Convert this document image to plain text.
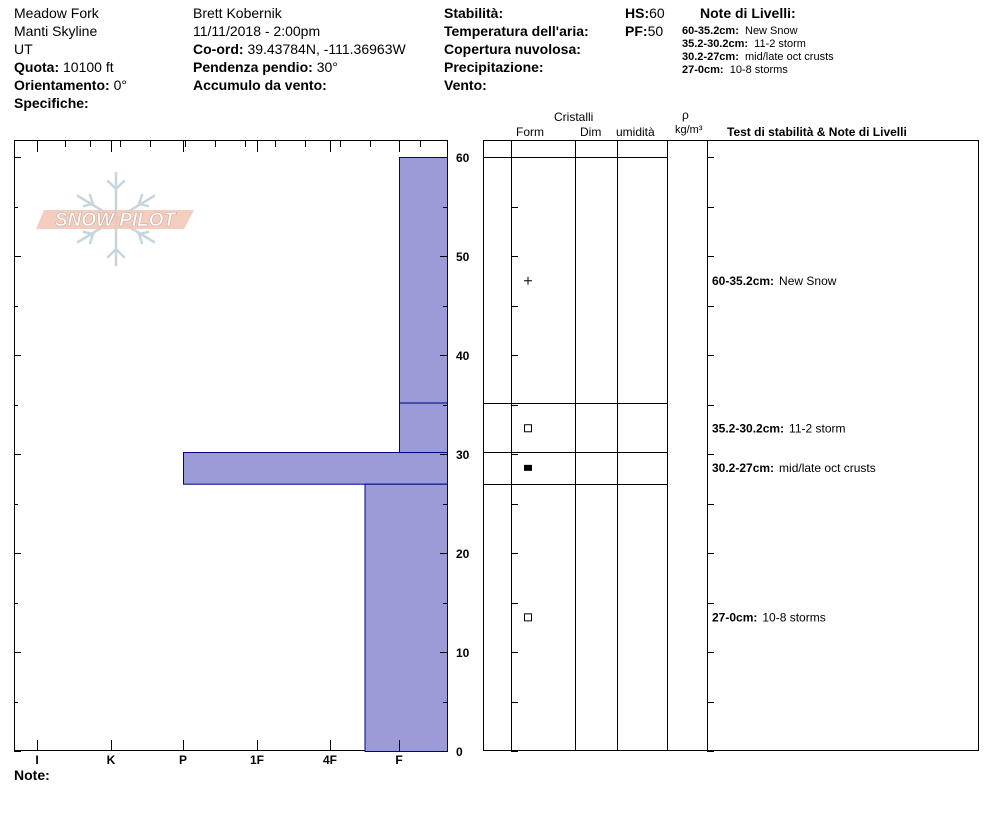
Meadow Fork
Manti Skyline
UT
Quota: 10100 ft
Orientamento: 0°
Specifiche:
Brett Kobernik
11/11/2018 - 2:00pm
Co-ord: 39.43784N, -111.36963W
Pendenza pendio: 30°
Accumulo da vento:
Stabilità:
Temperatura dell'aria:
Copertura nuvolosa:
Precipitazione:
Vento:
HS:60
PF:50
Note di Livelli:
60-35.2cm: New Snow
35.2-30.2cm: 11-2 storm
30.2-27cm: mid/late oct crusts
27-0cm: 10-8 storms
Cristalli
Form	Dim umidità
ρ
kg/m³ Test di stabilità & Note di Livelli
Note:
SNOW PILOT
0
10
20
30
40
50
60
I	K	P	1F	4F	F
60-35.2cm: New Snow
35.2-30.2cm: 11-2 storm
30.2-27cm: mid/late oct crusts
27-0cm: 10-8 storms
